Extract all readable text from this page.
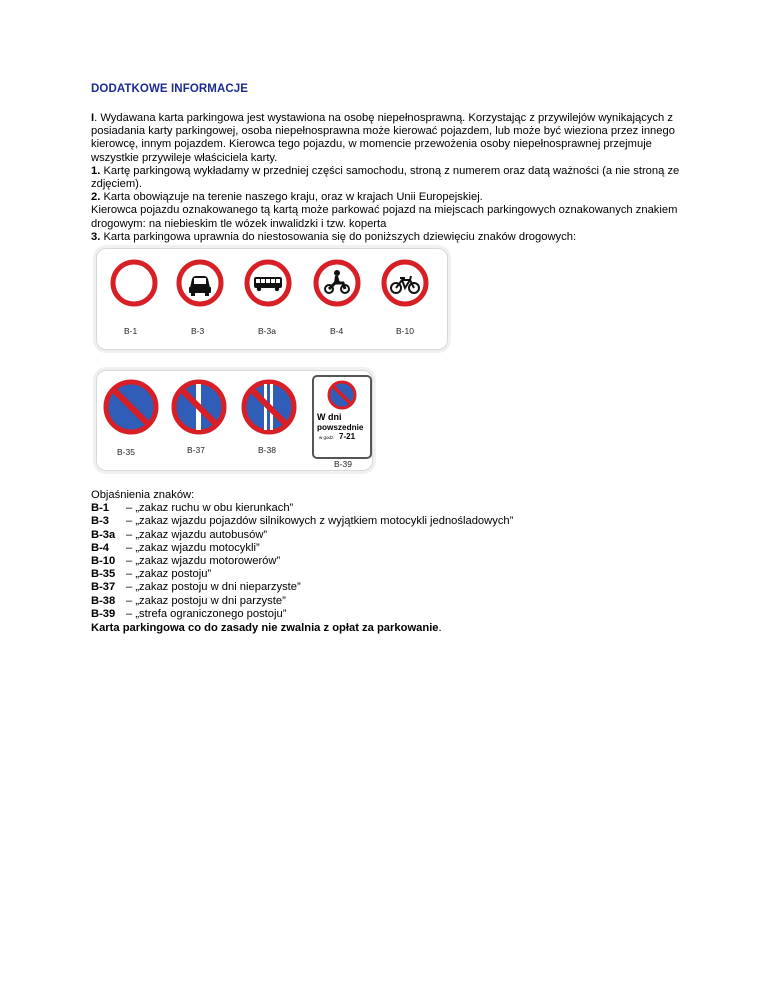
DODATKOWE INFORMACJE
I. Wydawana karta parkingowa jest wystawiona na osobę niepełnosprawną. Korzystając z przywilejów wynikających z posiadania karty parkingowej, osoba niepełnosprawna może kierować pojazdem, lub może być wieziona przez innego kierowcę, innym pojazdem. Kierowca tego pojazdu, w momencie przewożenia osoby niepełnosprawnej przejmuje wszystkie przywileje właściciela karty.
1. Kartę parkingową wykładamy w przedniej części samochodu, stroną z numerem oraz datą ważności (a nie stroną ze zdjęciem).
2. Karta obowiązuje na terenie naszego kraju, oraz w krajach Unii Europejskiej.
Kierowca pojazdu oznakowanego tą kartą może parkować pojazd na miejscach parkingowych oznakowanych znakiem drogowym: na niebieskim tle wózek inwalidzki i tzw. koperta
3. Karta parkingowa uprawnia do niestosowania się do poniższych dziewięciu znaków drogowych:
Objaśnienia znaków:
B-1	– „zakaz ruchu w obu kierunkach”
B-3	– „zakaz wjazdu pojazdów silnikowych z wyjątkiem motocykli jednośladowych”
B-3a – „zakaz wjazdu autobusów”
B-4	– „zakaz wjazdu motocykli”
B-10 – „zakaz wjazdu motorowerów”
B-35 – „zakaz postoju”
B-37 – „zakaz postoju w dni nieparzyste”
B-38 – „zakaz postoju w dni parzyste”
B-39 – „strefa ograniczonego postoju”
Karta parkingowa co do zasady nie zwalnia z opłat za parkowanie.
B-1	B-3	B-3a	B-4	B-10
B-35	B-37	B-38
W dni
powszednie
w godz. 7-21
B-39
